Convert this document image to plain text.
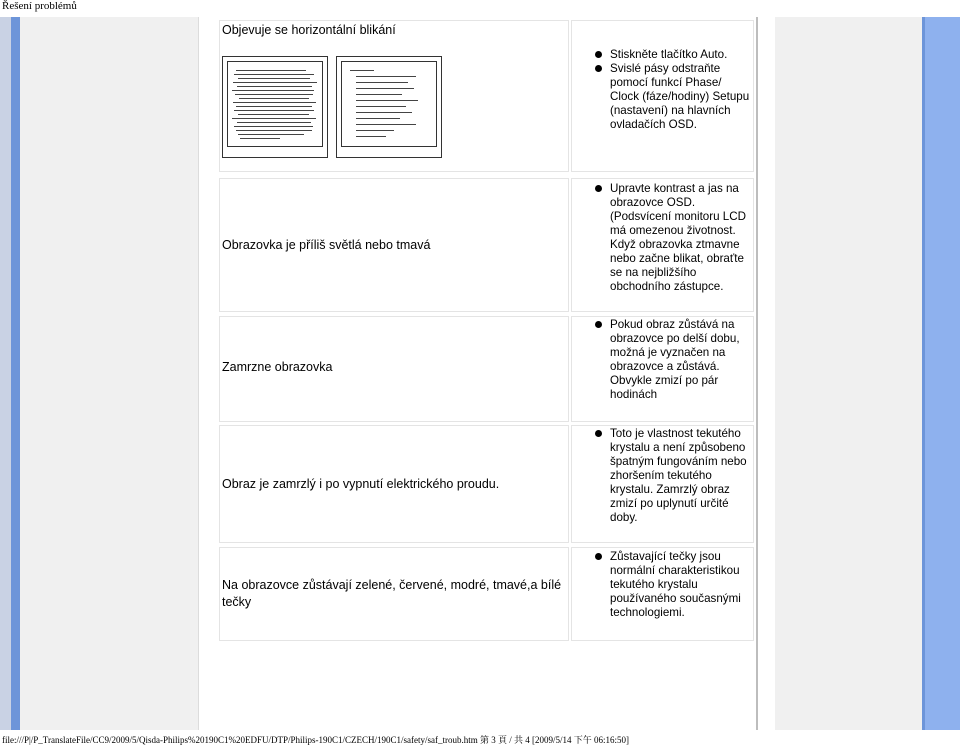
Řešení problémů
Objevuje se horizontální blikání
Stiskněte tlačítko Auto.
Svislé pásy odstraňte pomocí funkcí Phase/ Clock (fáze/hodiny) Setupu (nastavení) na hlavních ovladačích OSD.
Obrazovka je příliš světlá nebo tmavá
Upravte kontrast a jas na obrazovce OSD. (Podsvícení monitoru LCD má omezenou životnost. Když obrazovka ztmavne nebo začne blikat, obraťte se na nejbližšího obchodního zástupce.
Zamrzne obrazovka
Pokud obraz zůstává na obrazovce po delší dobu, možná je vyznačen na obrazovce a zůstává. Obvykle zmizí po pár hodinách
Obraz je zamrzlý i po vypnutí elektrického proudu.
Toto je vlastnost tekutého krystalu a není způsobeno špatným fungováním nebo zhoršením tekutého krystalu. Zamrzlý obraz zmizí po uplynutí určité doby.
Na obrazovce zůstávají zelené, červené, modré, tmavé,a bílé tečky
Zůstavající tečky jsou normální charakteristikou tekutého krystalu používaného současnými technologiemi.
file:///P|/P_TranslateFile/CC9/2009/5/Qisda-Philips%20190C1%20EDFU/DTP/Philips-190C1/CZECH/190C1/safety/saf_troub.htm 第 3 頁 / 共 4 [2009/5/14 下午 06:16:50]
